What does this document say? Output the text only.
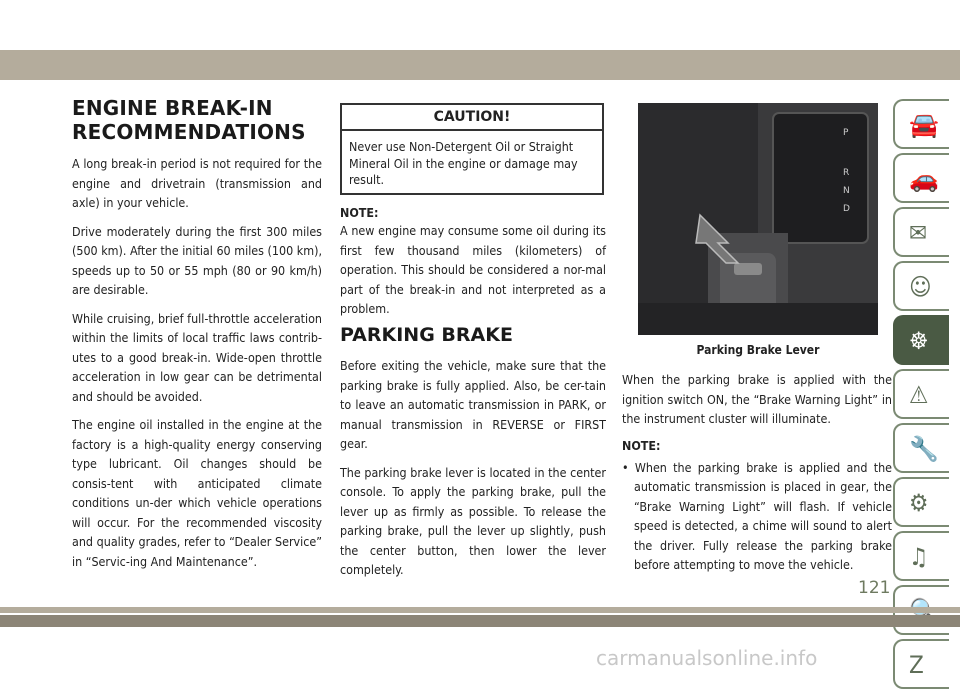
ENGINE BREAK-IN
RECOMMENDATIONS

A long break-in period is not required for the engine and drivetrain (transmission and axle) in your vehicle.

Drive moderately during the first 300 miles (500 km). After the initial 60 miles (100 km), speeds up to 50 or 55 mph (80 or 90 km/h) are desirable.

While cruising, brief full-throttle acceleration within the limits of local traffic laws contrib-utes to a good break-in. Wide-open throttle acceleration in low gear can be detrimental and should be avoided.

The engine oil installed in the engine at the factory is a high-quality energy conserving type lubricant. Oil changes should be consis-tent with anticipated climate conditions un-der which vehicle operations will occur. For the recommended viscosity and quality grades, refer to “Dealer Service” in “Servic-ing And Maintenance”.

CAUTION!
Never use Non-Detergent Oil or Straight Mineral Oil in the engine or damage may result.
NOTE:

A new engine may consume some oil during its first few thousand miles (kilometers) of operation. This should be considered a nor-mal part of the break-in and not interpreted as a problem.

PARKING BRAKE

Before exiting the vehicle, make sure that the parking brake is fully applied. Also, be cer-tain to leave an automatic transmission in PARK, or manual transmission in REVERSE or FIRST gear.

The parking brake lever is located in the center console. To apply the parking brake, pull the lever up as firmly as possible. To release the parking brake, pull the lever up slightly, push the center button, then lower the lever completely.

P
R
N
D
Parking Brake Lever

When the parking brake is applied with the ignition switch ON, the “Brake Warning Light” in the instrument cluster will illuminate.

NOTE:

• When the parking brake is applied and the automatic transmission is placed in gear, the “Brake Warning Light” will flash. If vehicle speed is detected, a chime will sound to alert the driver. Fully release the parking brake before attempting to move the vehicle.

🚘
🚗
✉
☺
☸
⚠
🔧
⚙
♫
Z
121
carmanualsonline.info
